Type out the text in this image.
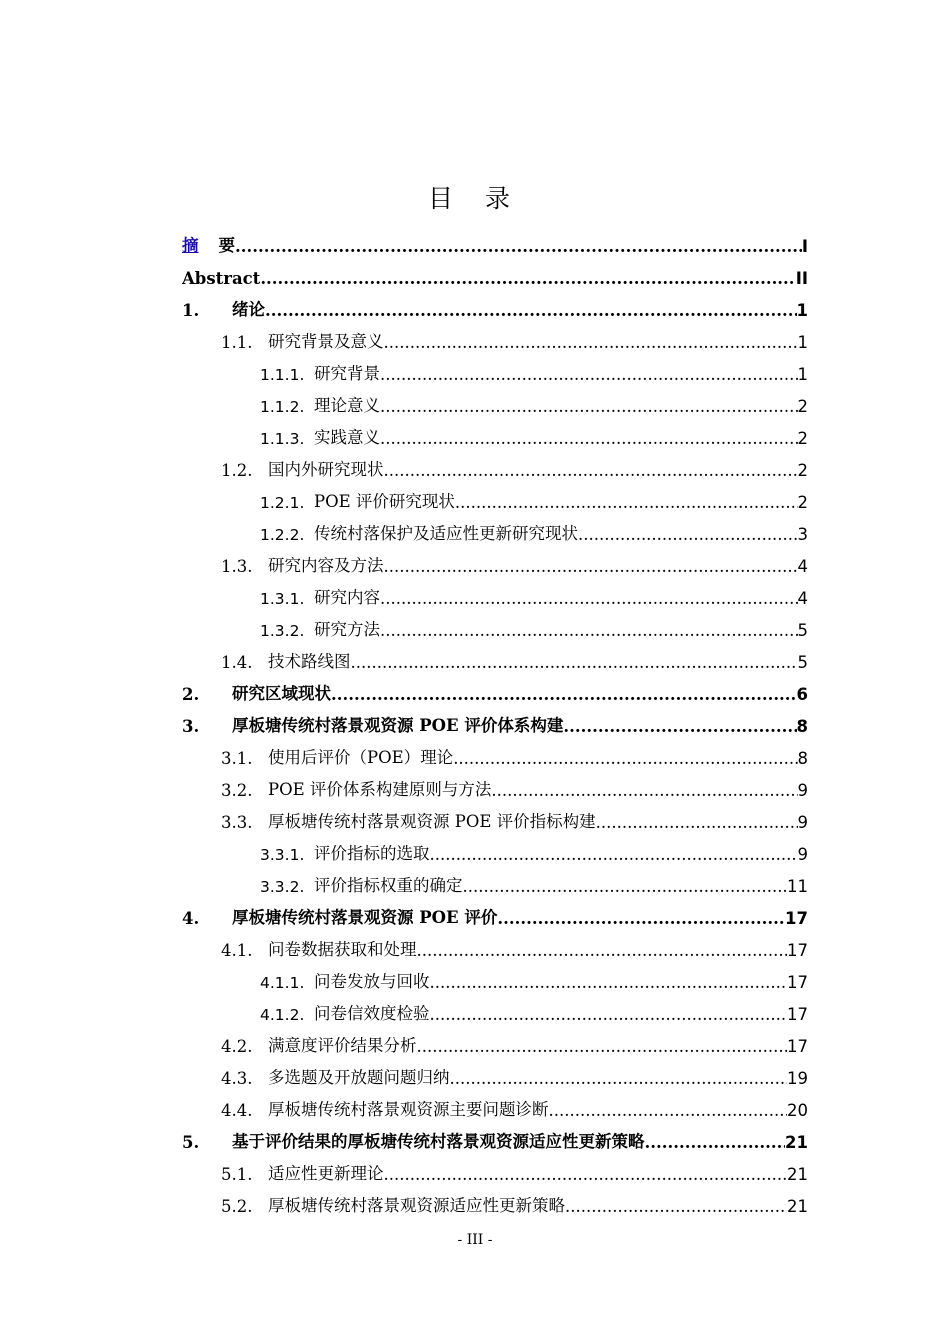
目 录
摘 要 .....	I
Abstract .....	II
1.	绪论 .....	1
1.1. 研究背景及意义 .....	1
1.1.1. 研究背景 .....	1
1.1.2. 理论意义 .....	2
1.1.3. 实践意义 .....	2
1.2. 国内外研究现状 .....	2
1.2.1. POE 评价研究现状 .....	2
1.2.2. 传统村落保护及适应性更新研究现状 .....	3
1.3. 研究内容及方法 .....	4
1.3.1. 研究内容 .....	4
1.3.2. 研究方法 .....	5
1.4. 技术路线图 .....	5
2.	研究区域现状 .....	6
3.	厚板塘传统村落景观资源 POE 评价体系构建 .....	8
3.1. 使用后评价（POE）理论 .....	8
3.2. POE 评价体系构建原则与方法 .....	9
3.3. 厚板塘传统村落景观资源 POE 评价指标构建 .....	9
3.3.1. 评价指标的选取 .....	9
3.3.2. 评价指标权重的确定 .....	11
4.	厚板塘传统村落景观资源 POE 评价 .....	17
4.1. 问卷数据获取和处理 .....	17
4.1.1. 问卷发放与回收 .....	17
4.1.2. 问卷信效度检验 .....	17
4.2. 满意度评价结果分析 .....	17
4.3. 多选题及开放题问题归纳 .....	19
4.4. 厚板塘传统村落景观资源主要问题诊断 .....	20
5.	基于评价结果的厚板塘传统村落景观资源适应性更新策略 .....	21
5.1. 适应性更新理论 .....	21
5.2. 厚板塘传统村落景观资源适应性更新策略 .....	21
- III -
